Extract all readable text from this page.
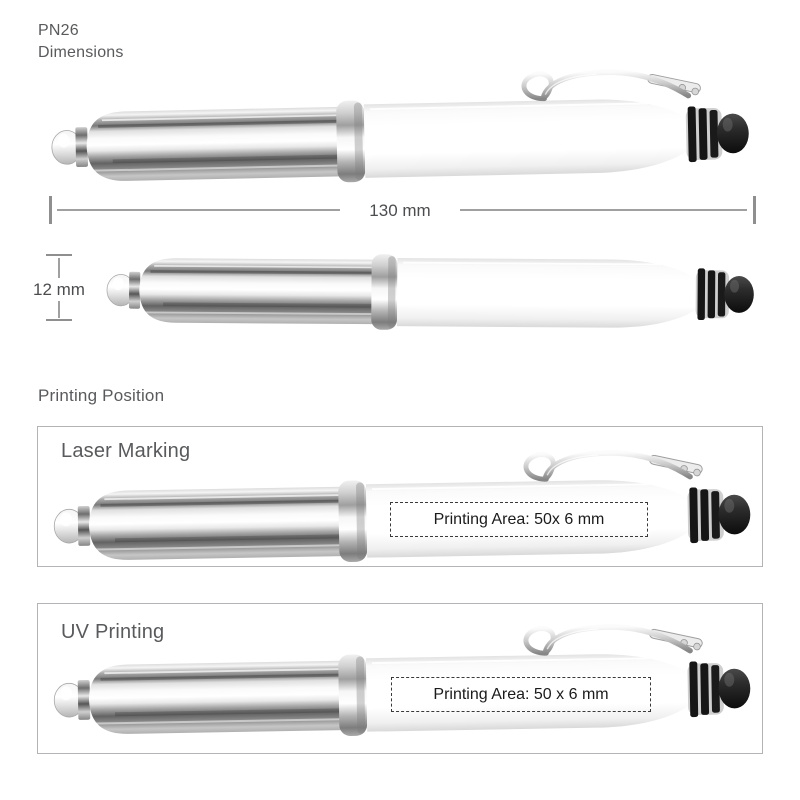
PN26
Dimensions
130 mm
12 mm
Printing Position
Laser Marking
Printing Area: 50x 6 mm
UV Printing
Printing Area: 50 x 6 mm
